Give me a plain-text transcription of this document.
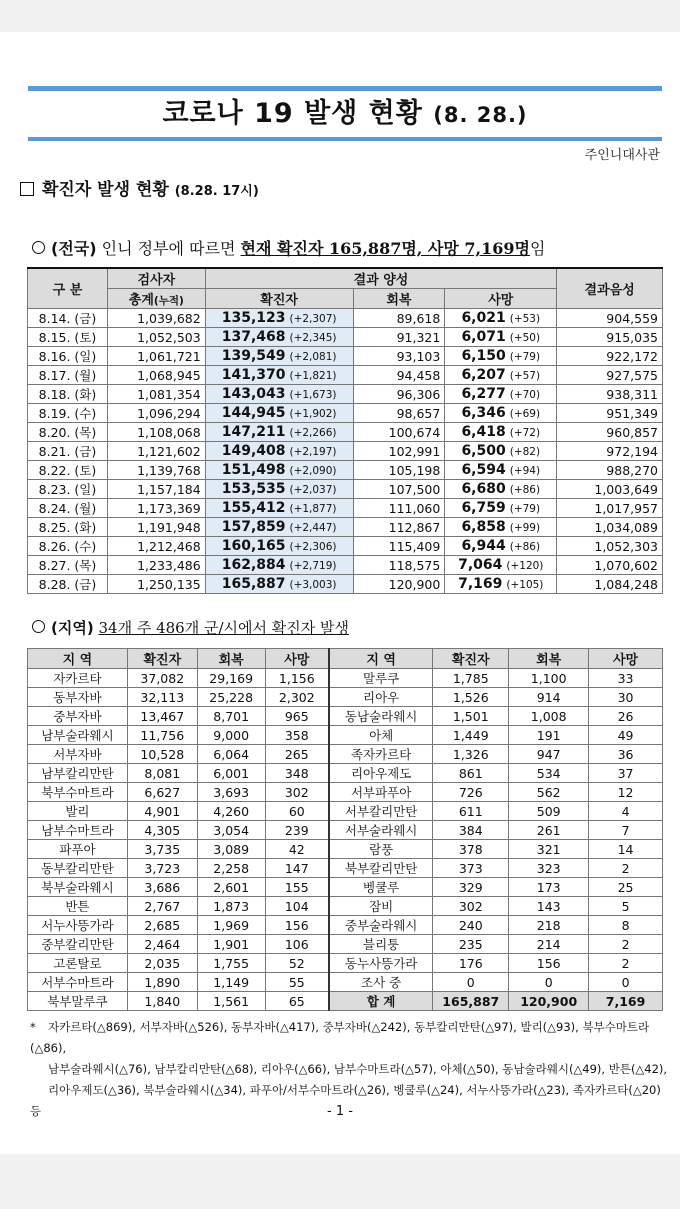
코로나 19 발생 현황 (8. 28.)
주인니대사관
확진자 발생 현황 (8.28. 17시)
(전국) 인니 정부에 따르면 현재 확진자 165,887명, 사망 7,169명임
구 분	검사자	결과 양성			결과음성
	총계(누적)	확진자	회복	사망	
8.14. (금)	1,039,682	135,123 (+2,307)	89,618	6,021 (+53)	904,559
8.15. (토)	1,052,503	137,468 (+2,345)	91,321	6,071 (+50)	915,035
8.16. (일)	1,061,721	139,549 (+2,081)	93,103	6,150 (+79)	922,172
8.17. (월)	1,068,945	141,370 (+1,821)	94,458	6,207 (+57)	927,575
8.18. (화)	1,081,354	143,043 (+1,673)	96,306	6,277 (+70)	938,311
8.19. (수)	1,096,294	144,945 (+1,902)	98,657	6,346 (+69)	951,349
8.20. (목)	1,108,068	147,211 (+2,266)	100,674	6,418 (+72)	960,857
8.21. (금)	1,121,602	149,408 (+2,197)	102,991	6,500 (+82)	972,194
8.22. (토)	1,139,768	151,498 (+2,090)	105,198	6,594 (+94)	988,270
8.23. (일)	1,157,184	153,535 (+2,037)	107,500	6,680 (+86)	1,003,649
8.24. (월)	1,173,369	155,412 (+1,877)	111,060	6,759 (+79)	1,017,957
8.25. (화)	1,191,948	157,859 (+2,447)	112,867	6,858 (+99)	1,034,089
8.26. (수)	1,212,468	160,165 (+2,306)	115,409	6,944 (+86)	1,052,303
8.27. (목)	1,233,486	162,884 (+2,719)	118,575	7,064 (+120)	1,070,602
8.28. (금)	1,250,135	165,887 (+3,003)	120,900	7,169 (+105)	1,084,248
(지역) 34개 주 486개 군/시에서 확진자 발생
지 역	확진자	회복	사망	지 역	확진자	회복	사망
자카르타	37,082	29,169	1,156	말루쿠	1,785	1,100	33
동부자바	32,113	25,228	2,302	리아우	1,526	914	30
중부자바	13,467	8,701	965	동남술라웨시	1,501	1,008	26
남부술라웨시	11,756	9,000	358	아체	1,449	191	49
서부자바	10,528	6,064	265	족자카르타	1,326	947	36
남부칼리만탄	8,081	6,001	348	리아우제도	861	534	37
북부수마트라	6,627	3,693	302	서부파푸아	726	562	12
발리	4,901	4,260	60	서부칼리만탄	611	509	4
남부수마트라	4,305	3,054	239	서부술라웨시	384	261	7
파푸아	3,735	3,089	42	람풍	378	321	14
동부칼리만탄	3,723	2,258	147	북부칼리만탄	373	323	2
북부술라웨시	3,686	2,601	155	벵쿨루	329	173	25
반튼	2,767	1,873	104	잠비	302	143	5
서누사뜽가라	2,685	1,969	156	중부술라웨시	240	218	8
중부칼리만탄	2,464	1,901	106	블리퉁	235	214	2
고론탈로	2,035	1,755	52	동누사뜽가라	176	156	2
서부수마트라	1,890	1,149	55	조사 중	0	0	0
북부말루쿠	1,840	1,561	65	합 계	165,887	120,900	7,169
* 자카르타(△869), 서부자바(△526), 동부자바(△417), 중부자바(△242), 동부칼리만탄(△97), 발리(△93), 북부수마트라(△86),
남부술라웨시(△76), 남부칼리만탄(△68), 리아우(△66), 남부수마트라(△57), 아체(△50), 동남술라웨시(△49), 반튼(△42),
리아우제도(△36), 북부술라웨시(△34), 파푸아/서부수마트라(△26), 벵쿨루(△24), 서누사뜽가라(△23), 족자카르타(△20) 등	- 1 -
